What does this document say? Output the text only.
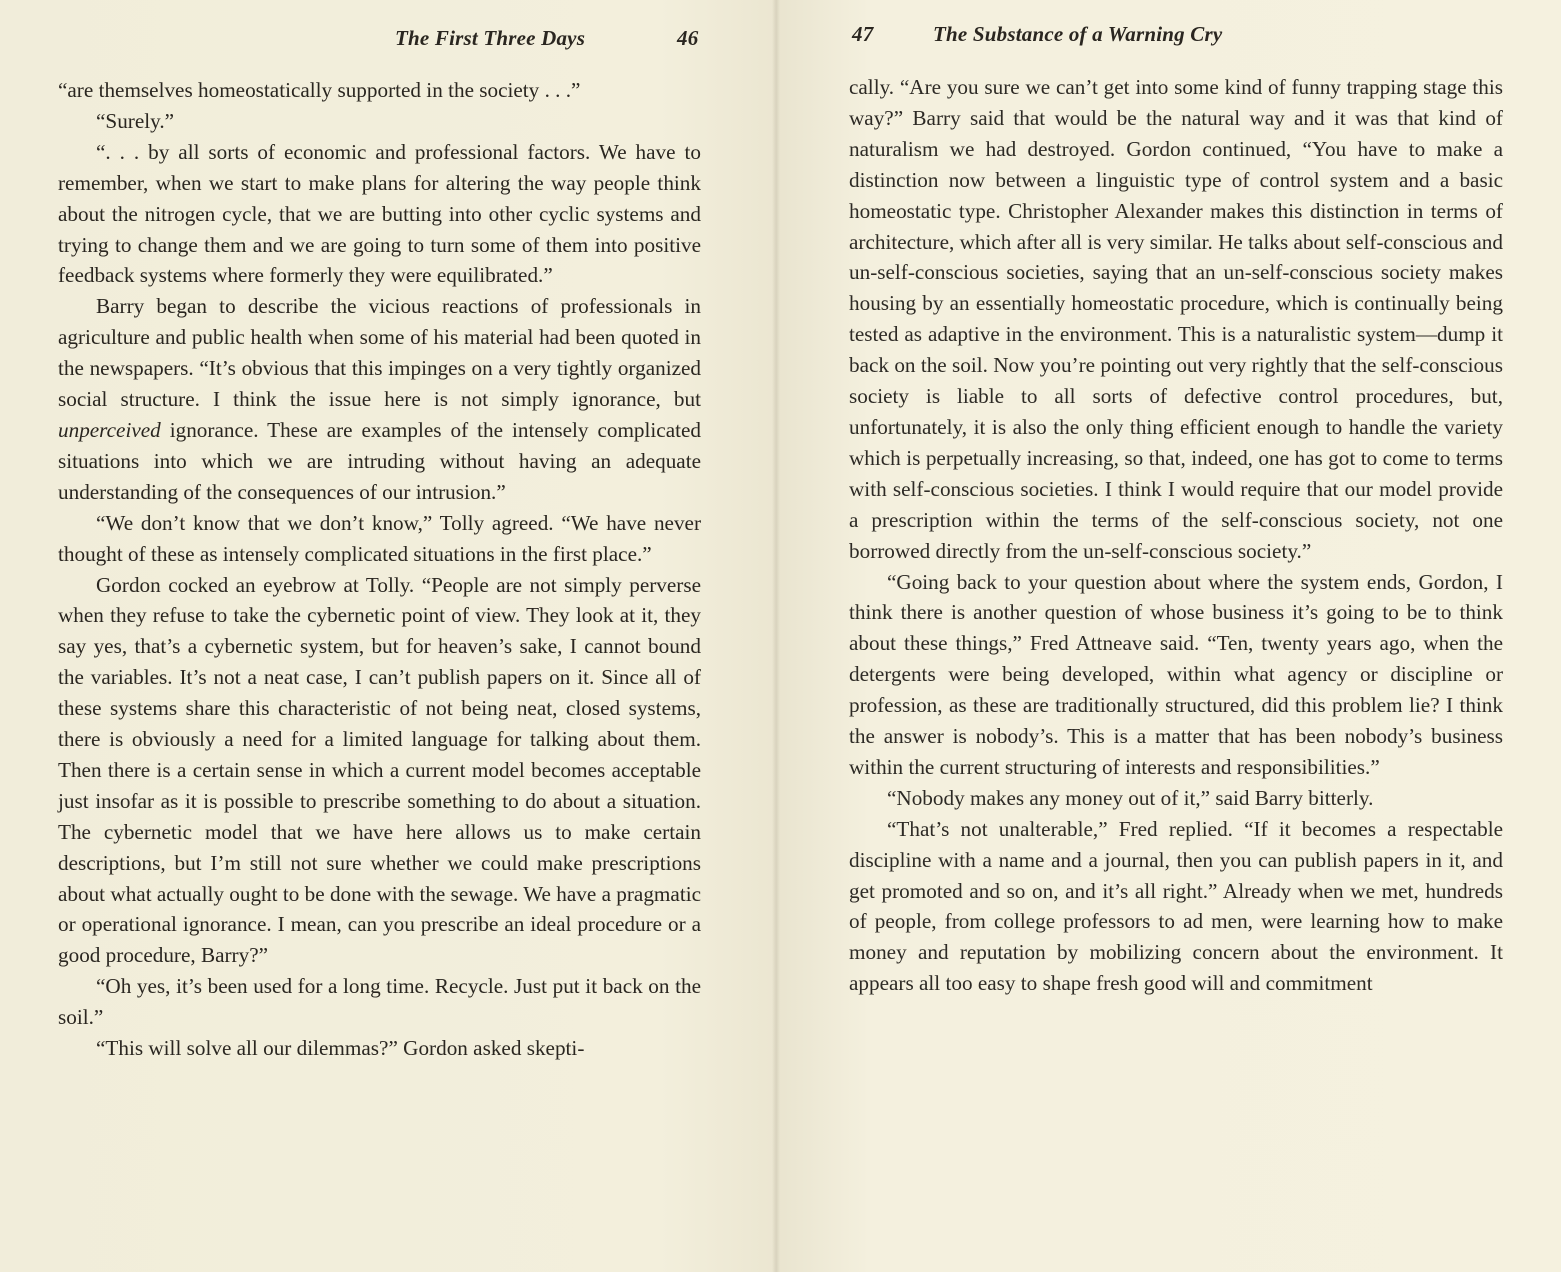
The First Three Days	46

“are themselves homeostatically supported in the society . . .”

“Surely.”

“. . . by all sorts of economic and professional factors. We have to remember, when we start to make plans for altering the way people think about the nitrogen cycle, that we are butting into other cyclic systems and trying to change them and we are going to turn some of them into positive feedback systems where formerly they were equilibrated.”

Barry began to describe the vicious reactions of professionals in agriculture and public health when some of his material had been quoted in the newspapers. “It’s obvious that this impinges on a very tightly organized social structure. I think the issue here is not simply ignorance, but unperceived ignorance. These are examples of the intensely complicated situations into which we are intruding without having an adequate understanding of the consequences of our intrusion.”

“We don’t know that we don’t know,” Tolly agreed. “We have never thought of these as intensely complicated situations in the first place.”

Gordon cocked an eyebrow at Tolly. “People are not simply perverse when they refuse to take the cybernetic point of view. They look at it, they say yes, that’s a cybernetic system, but for heaven’s sake, I cannot bound the variables. It’s not a neat case, I can’t publish papers on it. Since all of these systems share this characteristic of not being neat, closed systems, there is obviously a need for a limited language for talking about them. Then there is a certain sense in which a current model becomes acceptable just insofar as it is possible to prescribe something to do about a situation. The cybernetic model that we have here allows us to make certain descriptions, but I’m still not sure whether we could make prescriptions about what actually ought to be done with the sewage. We have a pragmatic or operational ignorance. I mean, can you prescribe an ideal procedure or a good procedure, Barry?”

“Oh yes, it’s been used for a long time. Recycle. Just put it back on the soil.”

“This will solve all our dilemmas?” Gordon asked skepti-

47	The Substance of a Warning Cry

cally. “Are you sure we can’t get into some kind of funny trapping stage this way?” Barry said that would be the natural way and it was that kind of naturalism we had destroyed. Gordon continued, “You have to make a distinction now between a linguistic type of control system and a basic homeostatic type. Christopher Alexander makes this distinction in terms of architecture, which after all is very similar. He talks about self-conscious and un-self-conscious societies, saying that an un-self-conscious society makes housing by an essentially homeostatic procedure, which is continually being tested as adaptive in the environment. This is a naturalistic system—dump it back on the soil. Now you’re pointing out very rightly that the self-conscious society is liable to all sorts of defective control procedures, but, unfortunately, it is also the only thing efficient enough to handle the variety which is perpetually increasing, so that, indeed, one has got to come to terms with self-conscious societies. I think I would require that our model provide a prescription within the terms of the self-conscious society, not one borrowed directly from the un-self-conscious society.”

“Going back to your question about where the system ends, Gordon, I think there is another question of whose business it’s going to be to think about these things,” Fred Attneave said. “Ten, twenty years ago, when the detergents were being developed, within what agency or discipline or profession, as these are traditionally structured, did this problem lie? I think the answer is nobody’s. This is a matter that has been nobody’s business within the current structuring of interests and responsibilities.”

“Nobody makes any money out of it,” said Barry bitterly.

“That’s not unalterable,” Fred replied. “If it becomes a respectable discipline with a name and a journal, then you can publish papers in it, and get promoted and so on, and it’s all right.” Already when we met, hundreds of people, from college professors to ad men, were learning how to make money and reputation by mobilizing concern about the environment. It appears all too easy to shape fresh good will and commitment
